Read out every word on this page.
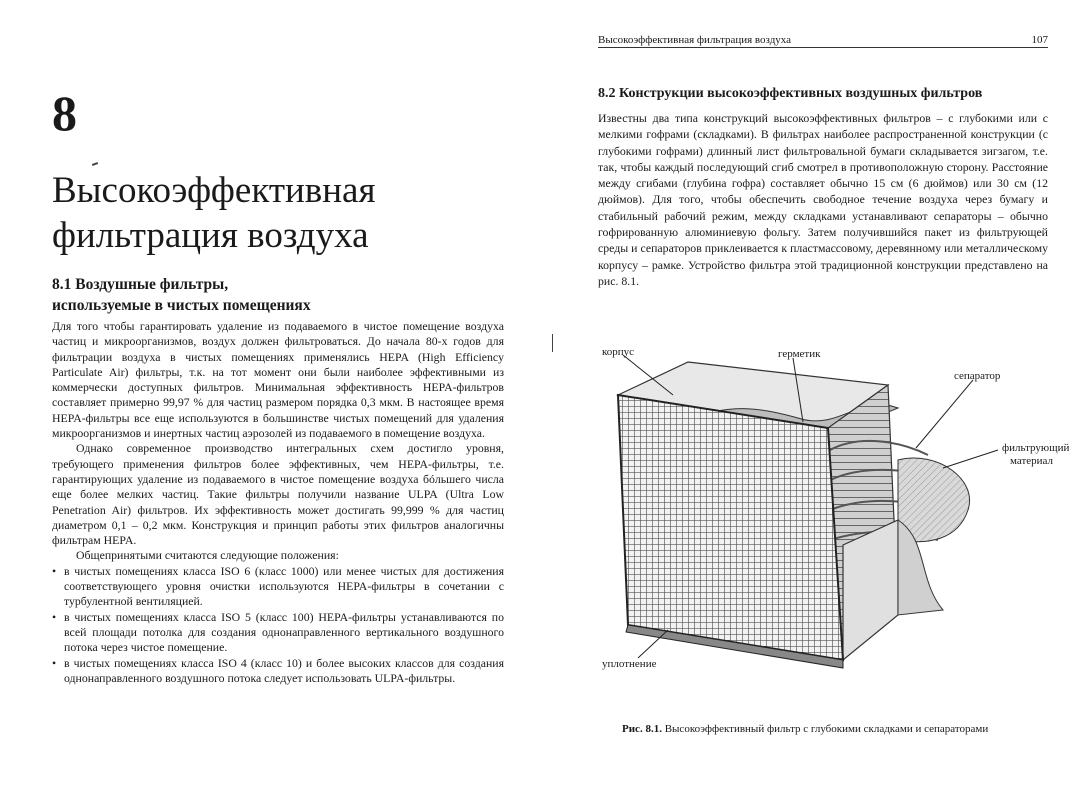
8
Высокоэффективная
фильтрация воздуха
8.1 Воздушные фильтры,
используемые в чистых помещениях

Для того чтобы гарантировать удаление из подаваемого в чистое помещение воздуха частиц и микроорганизмов, воздух должен фильтроваться. До начала 80-х годов для фильтрации воздуха в чистых помещениях применялись HEPA (High Efficiency Particulate Air) фильтры, т.к. на тот момент они были наиболее эффективными из коммерчески доступных фильтров. Минимальная эффективность HEPA-фильтров составляет примерно 99,97 % для частиц размером порядка 0,3 мкм. В настоящее время HEPA-фильтры все еще используются в большинстве чистых помещений для удаления микроорганизмов и инертных частиц аэрозолей из подаваемого в помещение воздуха.

Однако современное производство интегральных схем достигло уровня, требующего применения фильтров более эффективных, чем HEPA-фильтры, т.е. гарантирующих удаление из подаваемого в чистое помещение воздуха бóльшего числа еще более мелких частиц. Такие фильтры получили название ULPA (Ultra Low Penetration Air) фильтров. Их эффективность может достигать 99,999 % для частиц диаметром 0,1 – 0,2 мкм. Конструкция и принцип работы этих фильтров аналогичны фильтрам HEPA.

Общепринятыми считаются следующие положения:

• в чистых помещениях класса ISO 6 (класс 1000) или менее чистых для достижения соответствующего уровня очистки используются HEPA-фильтры в сочетании с турбулентной вентиляцией.
• в чистых помещениях класса ISO 5 (класс 100) HEPA-фильтры устанавливаются по всей площади потолка для создания однонаправленного вертикального воздушного потока через чистое помещение.
• в чистых помещениях класса ISO 4 (класс 10) и более высоких классов для создания однонаправленного воздушного потока следует использовать ULPA-фильтры.
Высокоэффективная фильтрация воздуха	107
8.2 Конструкции высокоэффективных воздушных фильтров

Известны два типа конструкций высокоэффективных фильтров – с глубокими или с мелкими гофрами (складками). В фильтрах наиболее распространенной конструкции (с глубокими гофрами) длинный лист фильтровальной бумаги складывается зигзагом, т.е. так, чтобы каждый последующий сгиб смотрел в противоположную сторону. Расстояние между сгибами (глубина гофра) составляет обычно 15 см (6 дюймов) или 30 см (12 дюймов). Для того, чтобы обеспечить свободное течение воздуха через бумагу и стабильный рабочий режим, между складками устанавливают сепараторы – обычно гофрированную алюминиевую фольгу. Затем получившийся пакет из фильтрующей среды и сепараторов приклеивается к пластмассовому, деревянному или металлическому корпусу – рамке. Устройство фильтра этой традиционной конструкции представлено на рис. 8.1.

корпус	герметик
сепаратор
фильтрующий
материал
уплотнение
Рис. 8.1. Высокоэффективный фильтр с глубокими складками и сепараторами
